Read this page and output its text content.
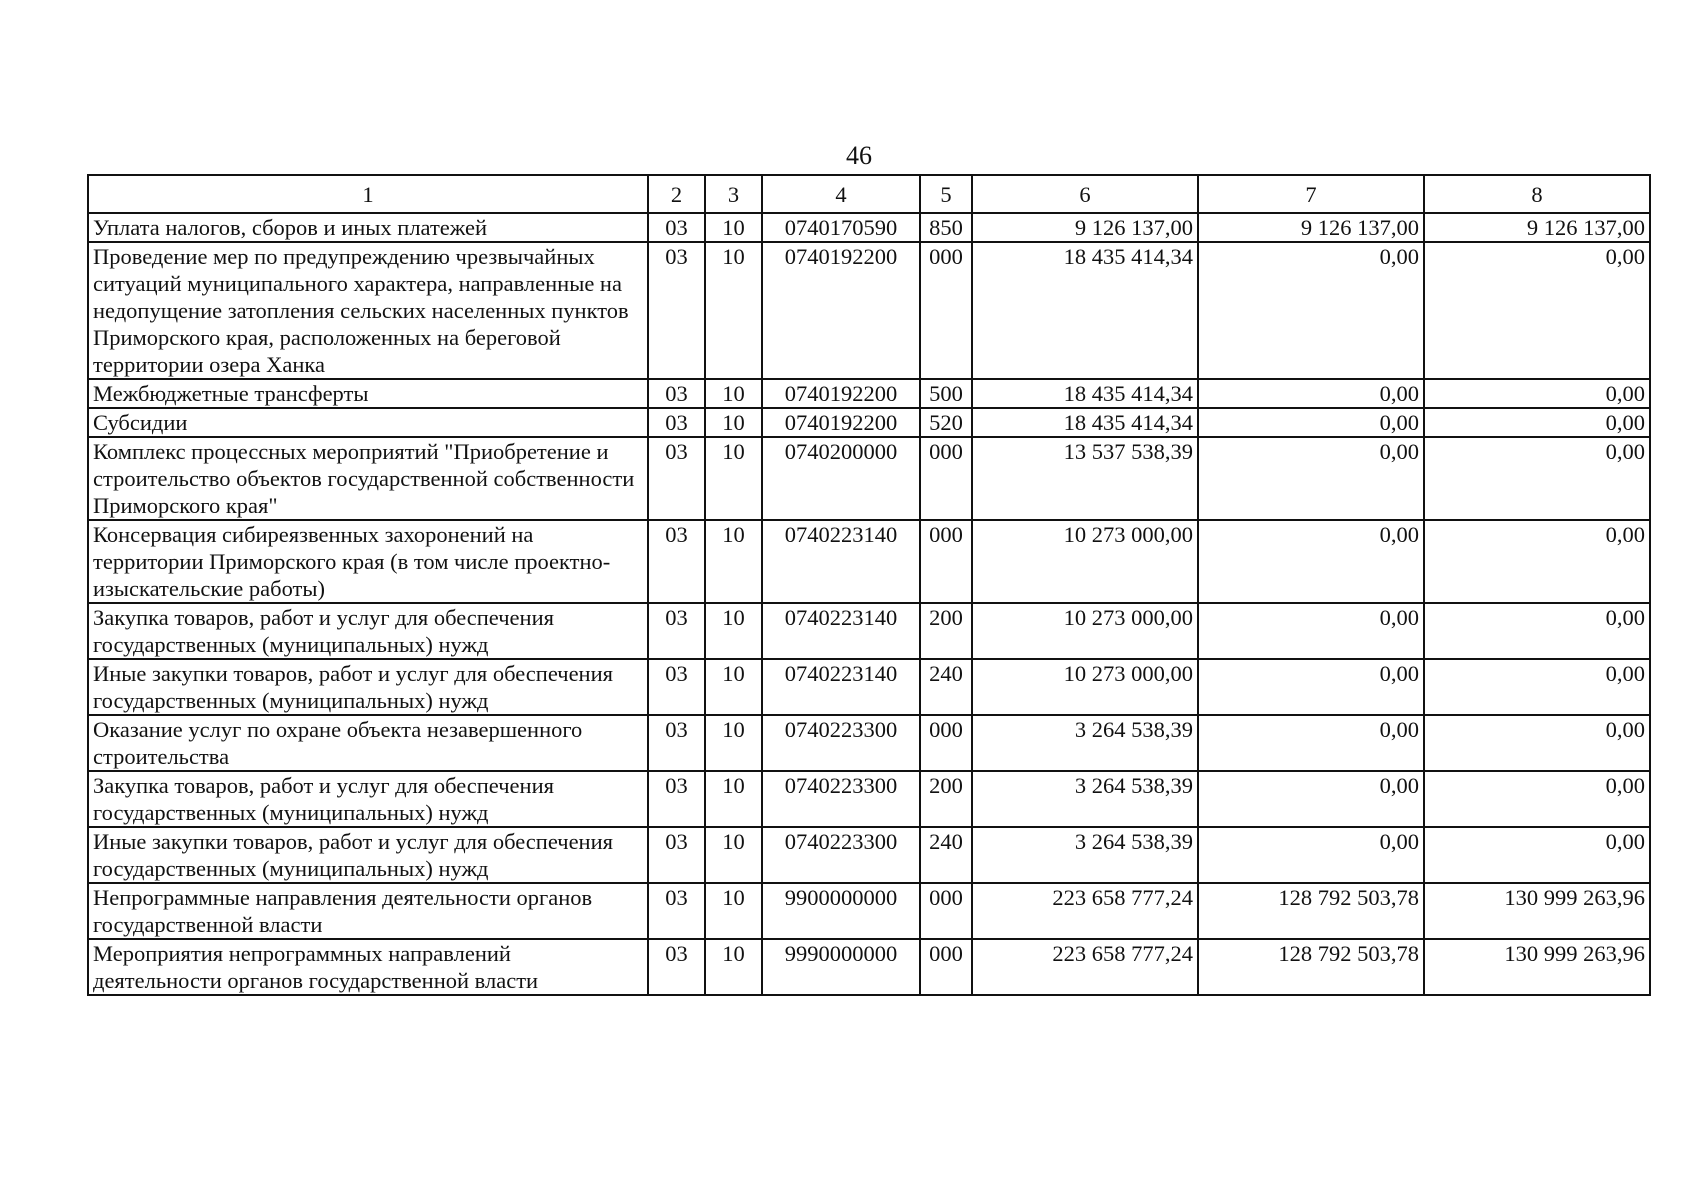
46
1	2	3	4	5	6	7	8
Уплата налогов, сборов и иных платежей	03	10	0740170590	850	9 126 137,00	9 126 137,00	9 126 137,00
Проведение мер по предупреждению чрезвычайных ситуаций муниципального характера, направленные на недопущение затопления сельских населенных пунктов Приморского края, расположенных на береговой территории озера Ханка	03	10	0740192200	000	18 435 414,34	0,00	0,00
Межбюджетные трансферты	03	10	0740192200	500	18 435 414,34	0,00	0,00
Субсидии	03	10	0740192200	520	18 435 414,34	0,00	0,00
Комплекс процессных мероприятий "Приобретение и строительство объектов государственной собственности Приморского края"	03	10	0740200000	000	13 537 538,39	0,00	0,00
Консервация сибиреязвенных захоронений на территории Приморского края (в том числе проектно-изыскательские работы)	03	10	0740223140	000	10 273 000,00	0,00	0,00
Закупка товаров, работ и услуг для обеспечения государственных (муниципальных) нужд	03	10	0740223140	200	10 273 000,00	0,00	0,00
Иные закупки товаров, работ и услуг для обеспечения государственных (муниципальных) нужд	03	10	0740223140	240	10 273 000,00	0,00	0,00
Оказание услуг по охране объекта незавершенного строительства	03	10	0740223300	000	3 264 538,39	0,00	0,00
Закупка товаров, работ и услуг для обеспечения государственных (муниципальных) нужд	03	10	0740223300	200	3 264 538,39	0,00	0,00
Иные закупки товаров, работ и услуг для обеспечения государственных (муниципальных) нужд	03	10	0740223300	240	3 264 538,39	0,00	0,00
Непрограммные направления деятельности органов государственной власти	03	10	9900000000	000	223 658 777,24	128 792 503,78	130 999 263,96
Мероприятия непрограммных направлений деятельности органов государственной власти	03	10	9990000000	000	223 658 777,24	128 792 503,78	130 999 263,96
